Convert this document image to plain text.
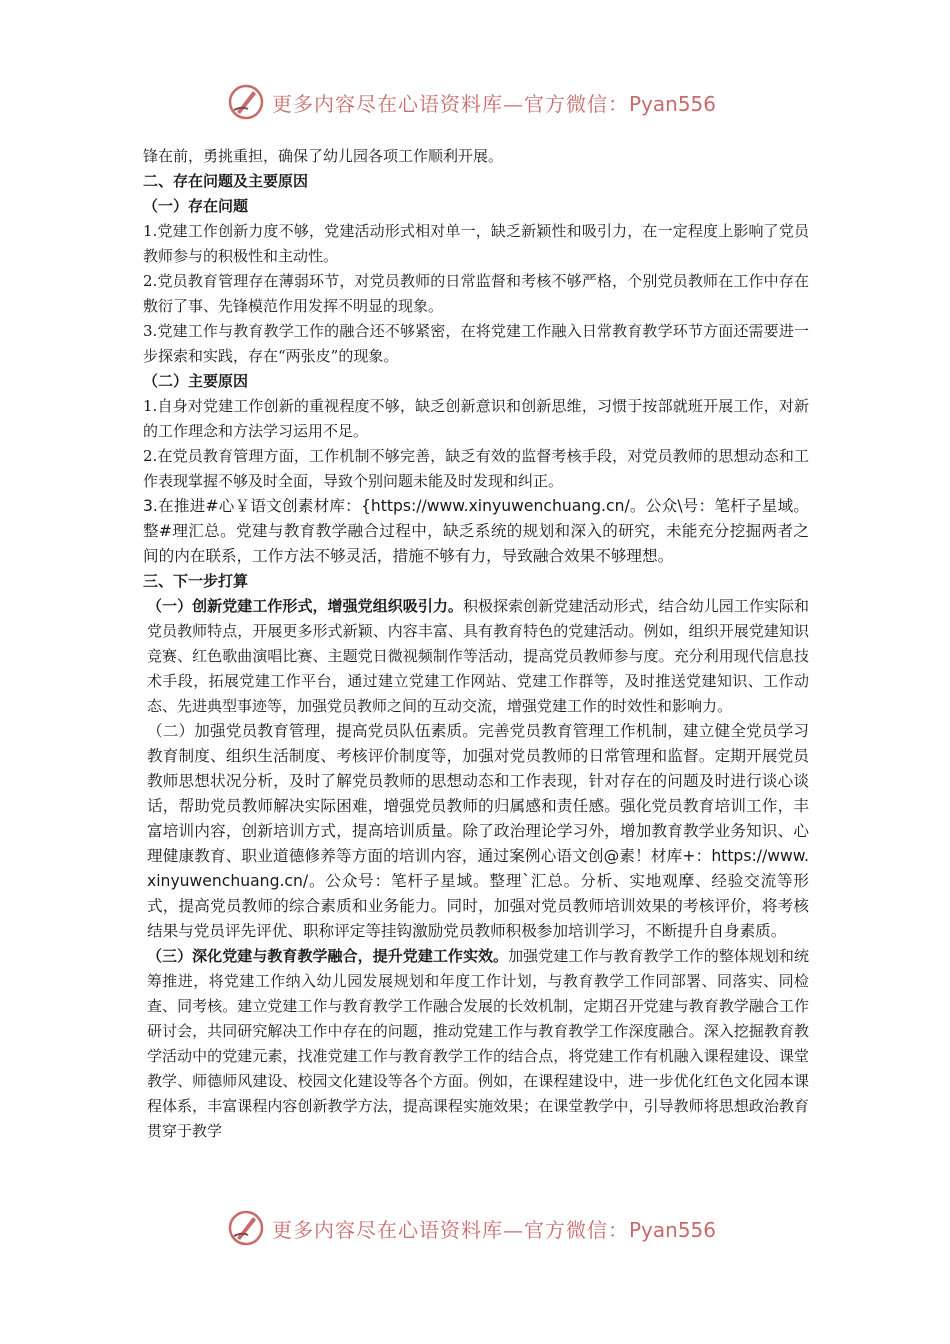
更多内容尽在心语资料库—官方微信：Pyan556

锋在前，勇挑重担，确保了幼儿园各项工作顺利开展。

二、存在问题及主要原因

（一）存在问题

1.党建工作创新力度不够，党建活动形式相对单一，缺乏新颖性和吸引力，在一定程度上影响了党员教师参与的积极性和主动性。

2.党员教育管理存在薄弱环节，对党员教师的日常监督和考核不够严格，个别党员教师在工作中存在敷衍了事、先锋模范作用发挥不明显的现象。

3.党建工作与教育教学工作的融合还不够紧密，在将党建工作融入日常教育教学环节方面还需要进一步探索和实践，存在“两张皮”的现象。

（二）主要原因

1.自身对党建工作创新的重视程度不够，缺乏创新意识和创新思维，习惯于按部就班开展工作，对新的工作理念和方法学习运用不足。

2.在党员教育管理方面，工作机制不够完善，缺乏有效的监督考核手段，对党员教师的思想动态和工作表现掌握不够及时全面，导致个别问题未能及时发现和纠正。

3.在推进#心￥语文创素材库：{https://www.xinyuwenchuang.cn/。公众\号：笔杆子星域。整#理汇总。党建与教育教学融合过程中，缺乏系统的规划和深入的研究，未能充分挖掘两者之间的内在联系，工作方法不够灵活，措施不够有力，导致融合效果不够理想。

三、下一步打算

（一）创新党建工作形式，增强党组织吸引力。积极探索创新党建活动形式，结合幼儿园工作实际和党员教师特点，开展更多形式新颖、内容丰富、具有教育特色的党建活动。例如，组织开展党建知识竞赛、红色歌曲演唱比赛、主题党日微视频制作等活动，提高党员教师参与度。充分利用现代信息技术手段，拓展党建工作平台，通过建立党建工作网站、党建工作群等，及时推送党建知识、工作动态、先进典型事迹等，加强党员教师之间的互动交流，增强党建工作的时效性和影响力。

（二）加强党员教育管理，提高党员队伍素质。完善党员教育管理工作机制，建立健全党员学习教育制度、组织生活制度、考核评价制度等，加强对党员教师的日常管理和监督。定期开展党员教师思想状况分析，及时了解党员教师的思想动态和工作表现，针对存在的问题及时进行谈心谈话，帮助党员教师解决实际困难，增强党员教师的归属感和责任感。强化党员教育培训工作，丰富培训内容，创新培训方式，提高培训质量。除了政治理论学习外，增加教育教学业务知识、心理健康教育、职业道德修养等方面的培训内容，通过案例心语文创@素！材库+：https://www.xinyuwenchuang.cn/。公众号：笔杆子星域。整理`汇总。分析、实地观摩、经验交流等形式，提高党员教师的综合素质和业务能力。同时，加强对党员教师培训效果的考核评价，将考核结果与党员评先评优、职称评定等挂钩激励党员教师积极参加培训学习，不断提升自身素质。

（三）深化党建与教育教学融合，提升党建工作实效。加强党建工作与教育教学工作的整体规划和统筹推进，将党建工作纳入幼儿园发展规划和年度工作计划，与教育教学工作同部署、同落实、同检查、同考核。建立党建工作与教育教学工作融合发展的长效机制，定期召开党建与教育教学融合工作研讨会，共同研究解决工作中存在的问题，推动党建工作与教育教学工作深度融合。深入挖掘教育教学活动中的党建元素，找准党建工作与教育教学工作的结合点，将党建工作有机融入课程建设、课堂教学、师德师风建设、校园文化建设等各个方面。例如，在课程建设中，进一步优化红色文化园本课程体系，丰富课程内容创新教学方法，提高课程实施效果；在课堂教学中，引导教师将思想政治教育贯穿于教学

更多内容尽在心语资料库—官方微信：Pyan556
